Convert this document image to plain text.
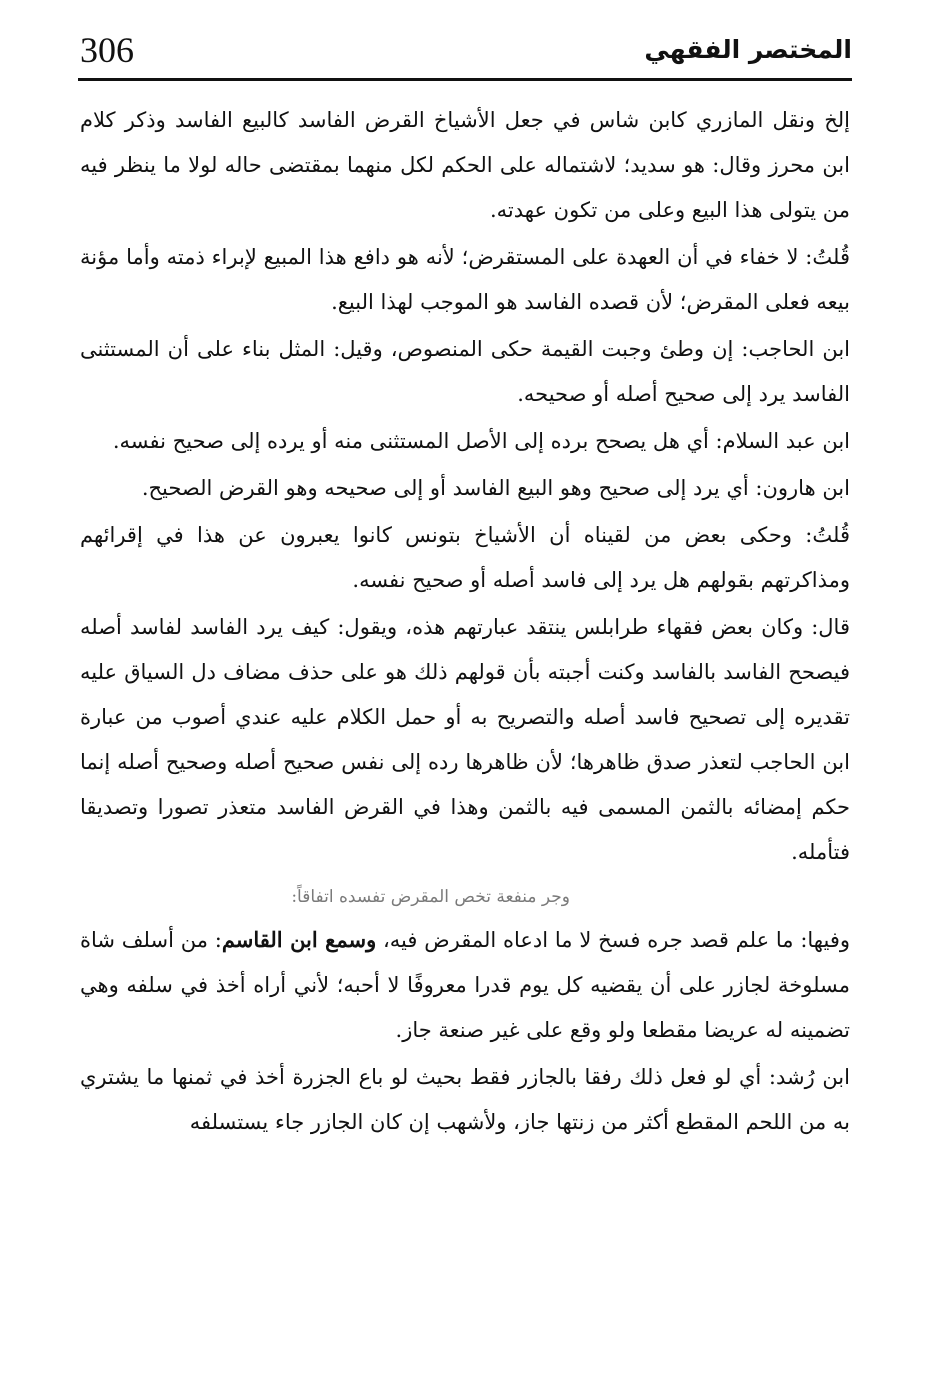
306	المختصر الفقهي

إلخ ونقل المازري كابن شاس في جعل الأشياخ القرض الفاسد كالبيع الفاسد وذكر كلام ابن محرز وقال: هو سديد؛ لاشتماله على الحكم لكل منهما بمقتضى حاله لولا ما ينظر فيه من يتولى هذا البيع وعلى من تكون عهدته.

قُلتُ: لا خفاء في أن العهدة على المستقرض؛ لأنه هو دافع هذا المبيع لإبراء ذمته وأما مؤنة بيعه فعلى المقرض؛ لأن قصده الفاسد هو الموجب لهذا البيع.

ابن الحاجب: إن وطئ وجبت القيمة حكى المنصوص، وقيل: المثل بناء على أن المستثنى الفاسد يرد إلى صحيح أصله أو صحيحه.

ابن عبد السلام: أي هل يصحح برده إلى الأصل المستثنى منه أو يرده إلى صحيح نفسه.

ابن هارون: أي يرد إلى صحيح وهو البيع الفاسد أو إلى صحيحه وهو القرض الصحيح.

قُلتُ: وحكى بعض من لقيناه أن الأشياخ بتونس كانوا يعبرون عن هذا في إقرائهم ومذاكرتهم بقولهم هل يرد إلى فاسد أصله أو صحيح نفسه.

قال: وكان بعض فقهاء طرابلس ينتقد عبارتهم هذه، ويقول: كيف يرد الفاسد لفاسد أصله فيصحح الفاسد بالفاسد وكنت أجبته بأن قولهم ذلك هو على حذف مضاف دل السياق عليه تقديره إلى تصحيح فاسد أصله والتصريح به أو حمل الكلام عليه عندي أصوب من عبارة ابن الحاجب لتعذر صدق ظاهرها؛ لأن ظاهرها رده إلى نفس صحيح أصله وصحيح أصله إنما حكم إمضائه بالثمن المسمى فيه بالثمن وهذا في القرض الفاسد متعذر تصورا وتصديقا فتأمله.

وجر منفعة تخص المقرض تفسده اتفاقاً:

وفيها: ما علم قصد جره فسخ لا ما ادعاه المقرض فيه، وسمع ابن القاسم: من أسلف شاة مسلوخة لجازر على أن يقضيه كل يوم قدرا معروفًا لا أحبه؛ لأني أراه أخذ في سلفه وهي تضمينه له عريضا مقطعا ولو وقع على غير صنعة جاز.

ابن رُشد: أي لو فعل ذلك رفقا بالجازر فقط بحيث لو باع الجزرة أخذ في ثمنها ما يشتري به من اللحم المقطع أكثر من زنتها جاز، ولأشهب إن كان الجازر جاء يستسلفه
